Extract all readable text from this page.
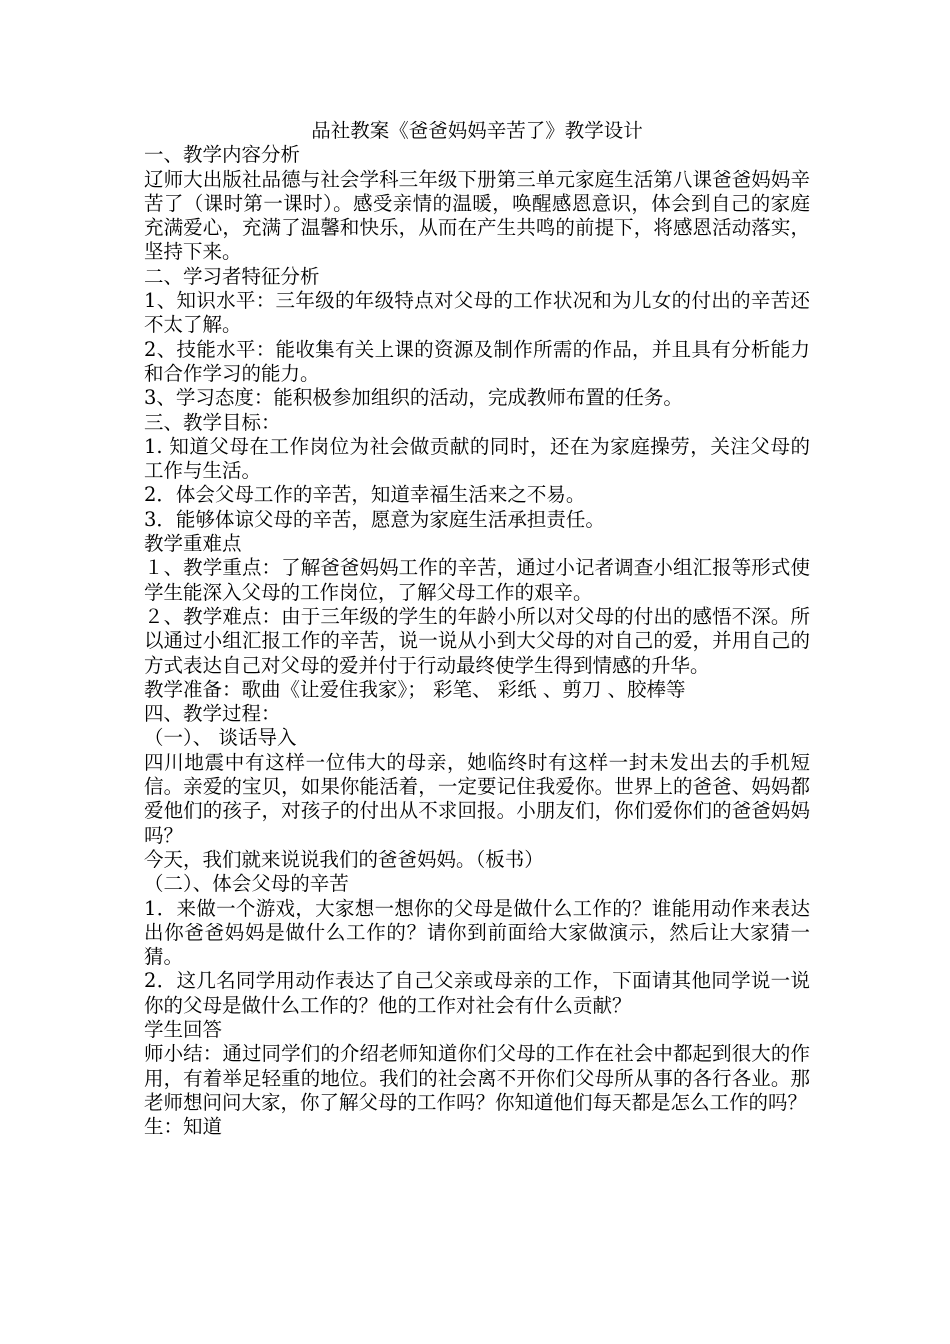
品社教案《爸爸妈妈辛苦了》教学设计

一、教学内容分析

辽师大出版社品德与社会学科三年级下册第三单元家庭生活第八课爸爸妈妈辛苦了（课时第一课时）。感受亲情的温暖，唤醒感恩意识，体会到自己的家庭充满爱心，充满了温馨和快乐，从而在产生共鸣的前提下，将感恩活动落实，坚持下来。

二、学习者特征分析

1、知识水平：三年级的年级特点对父母的工作状况和为儿女的付出的辛苦还不太了解。

2、技能水平：能收集有关上课的资源及制作所需的作品，并且具有分析能力和合作学习的能力。

3、学习态度：能积极参加组织的活动，完成教师布置的任务。

三、教学目标：

1. 知道父母在工作岗位为社会做贡献的同时，还在为家庭操劳，关注父母的工作与生活。

2．体会父母工作的辛苦，知道幸福生活来之不易。

3．能够体谅父母的辛苦，愿意为家庭生活承担责任。

教学重难点

１、教学重点：了解爸爸妈妈工作的辛苦，通过小记者调查小组汇报等形式使学生能深入父母的工作岗位，了解父母工作的艰辛。

２、教学难点：由于三年级的学生的年龄小所以对父母的付出的感悟不深。所以通过小组汇报工作的辛苦，说一说从小到大父母的对自己的爱，并用自己的方式表达自己对父母的爱并付于行动最终使学生得到情感的升华。

教学准备：歌曲《让爱住我家》； 彩笔、 彩纸 、剪刀 、胶棒等

四、教学过程：

（一）、 谈话导入

四川地震中有这样一位伟大的母亲，她临终时有这样一封未发出去的手机短信。亲爱的宝贝，如果你能活着，一定要记住我爱你。世界上的爸爸、妈妈都爱他们的孩子，对孩子的付出从不求回报。小朋友们，你们爱你们的爸爸妈妈吗？

今天，我们就来说说我们的爸爸妈妈。（板书）

（二）、体会父母的辛苦

1．来做一个游戏，大家想一想你的父母是做什么工作的？谁能用动作来表达出你爸爸妈妈是做什么工作的？请你到前面给大家做演示，然后让大家猜一猜。

2．这几名同学用动作表达了自己父亲或母亲的工作，下面请其他同学说一说你的父母是做什么工作的？他的工作对社会有什么贡献？

学生回答

师小结：通过同学们的介绍老师知道你们父母的工作在社会中都起到很大的作用，有着举足轻重的地位。我们的社会离不开你们父母所从事的各行各业。那老师想问问大家，你了解父母的工作吗？你知道他们每天都是怎么工作的吗？

生：知道
